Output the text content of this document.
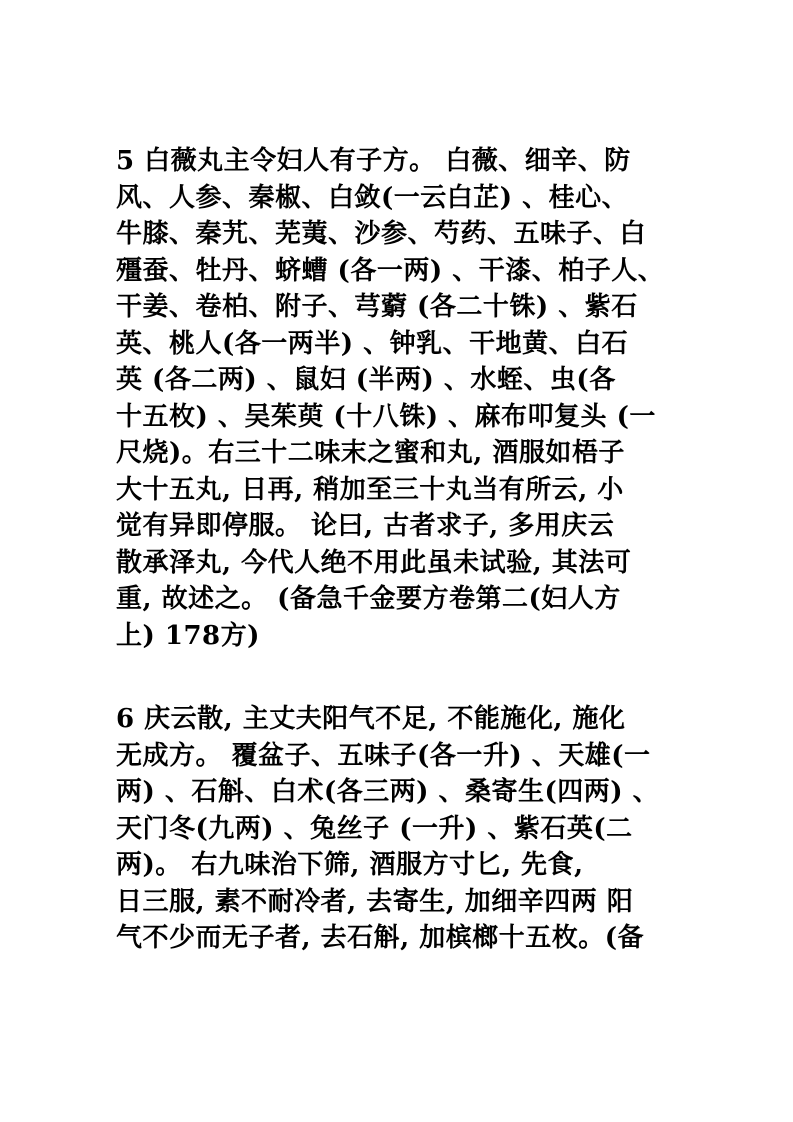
5 白薇丸主令妇人有子方。 白薇、细辛、防
风、人参、秦椒、白敛(一云白芷) 、桂心、
牛膝、秦艽、芜荑、沙参、芍药、五味子、白
殭蚕、牡丹、蛴螬 (各一两) 、干漆、柏子人、
干姜、卷柏、附子、芎藭 (各二十铢) 、紫石
英、桃人(各一两半) 、钟乳、干地黄、白石
英 (各二两) 、鼠妇 (半两) 、水蛭、虫(各
十五枚) 、吴茱萸 (十八铢) 、麻布叩复头 (一
尺烧)。右三十二味末之蜜和丸, 酒服如梧子
大十五丸, 日再, 稍加至三十丸当有所云, 小
觉有异即停服。 论曰, 古者求子, 多用庆云
散承泽丸, 今代人绝不用此虽未试验, 其法可
重, 故述之。 (备急千金要方卷第二(妇人方
上) 178方)
6 庆云散, 主丈夫阳气不足, 不能施化, 施化
无成方。 覆盆子、五味子(各一升) 、天雄(一
两) 、石斛、白术(各三两) 、桑寄生(四两) 、
天门冬(九两) 、兔丝子 (一升) 、紫石英(二
两)。 右九味治下筛, 酒服方寸匕, 先食,
日三服, 素不耐冷者, 去寄生, 加细辛四两 阳
气不少而无子者, 去石斛, 加槟榔十五枚。(备
